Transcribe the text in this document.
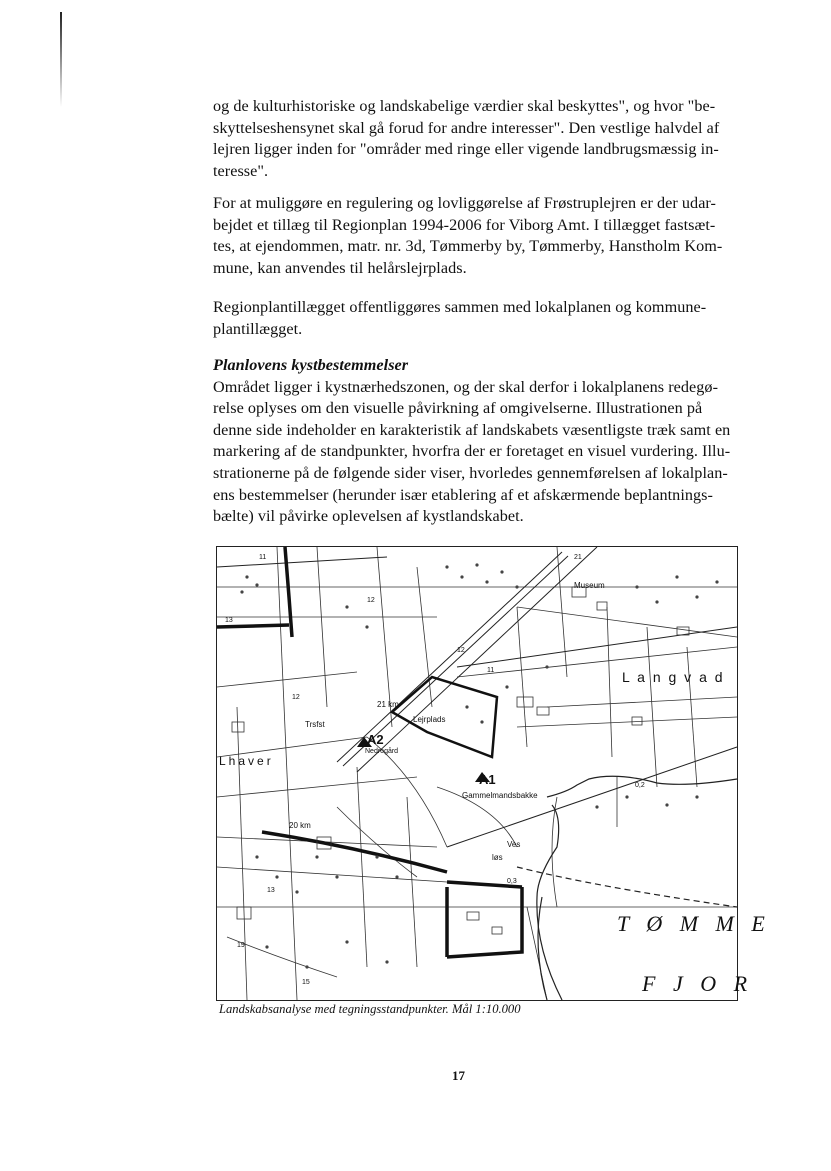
og de kulturhistoriske og landskabelige værdier skal beskyttes", og hvor "be-
skyttelseshensynet skal gå forud for andre interesser". Den vestlige halvdel af
lejren ligger inden for "områder med ringe eller vigende landbrugsmæssig in-
teresse".
For at muliggøre en regulering og lovliggørelse af Frøstruplejren er der udar-
bejdet et tillæg til Regionplan 1994-2006 for Viborg Amt. I tillægget fastsæt-
tes, at ejendommen, matr. nr. 3d, Tømmerby by, Tømmerby, Hanstholm Kom-
mune, kan anvendes til helårslejrplads.
Regionplantillægget offentliggøres sammen med lokalplanen og kommune-
plantillægget.
Planlovens kystbestemmelser
Området ligger i kystnærhedszonen, og der skal derfor i lokalplanens redegø-
relse oplyses om den visuelle påvirkning af omgivelserne. Illustrationen på
denne side indeholder en karakteristik af landskabets væsentligste træk samt en
markering af de standpunkter, hvorfra der er foretaget en visuel vurdering. Illu-
strationerne på de følgende sider viser, hvorledes gennemførelsen af lokalplan-
ens bestemmelser (herunder især etablering af et afskærmende beplantnings-
bælte) vil påvirke oplevelsen af kystlandskabet.
Museum
L a n g v a d
21 km
Lejrplads
Trsfst
A2
Nedrogård
Lhaver
A1
Gammelmandsbakke
20 km
Ves
løs
T Ø M M E
F J O R
11
12
12
12
13
13
11
15
19
0,3
0,2
21
Landskabsanalyse med tegningsstandpunkter. Mål 1:10.000
17
